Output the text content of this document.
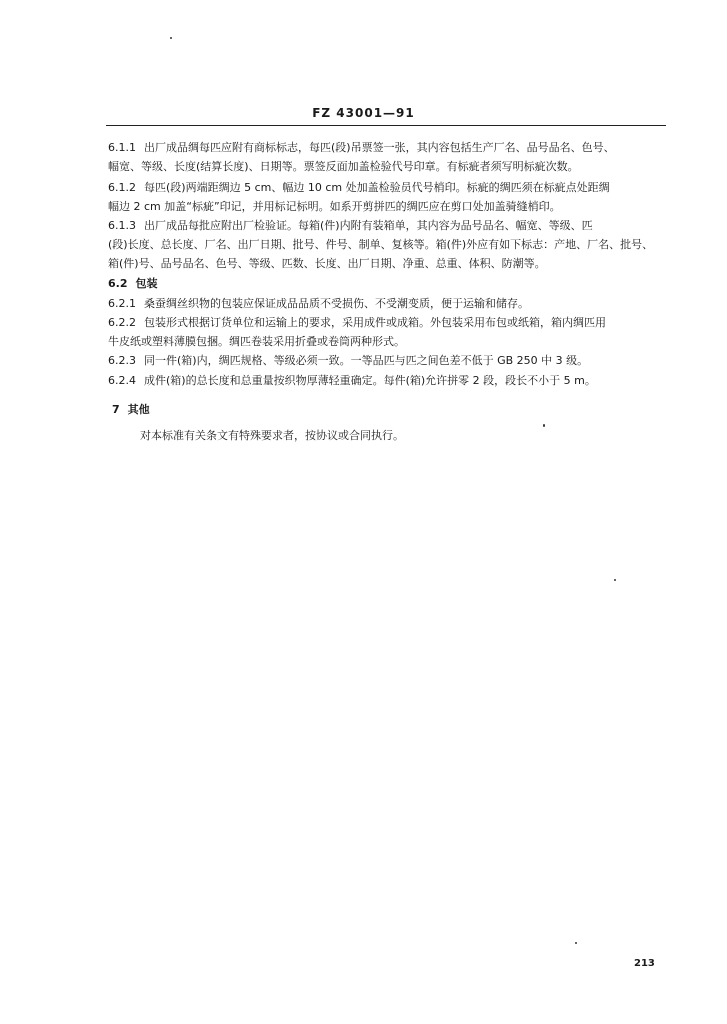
FZ 43001—91
6.1.1 出厂成品绸每匹应附有商标标志，每匹(段)吊票签一张，其内容包括生产厂名、品号品名、色号、
幅宽、等级、长度(结算长度)、日期等。票签反面加盖检验代号印章。有标疵者须写明标疵次数。
6.1.2 每匹(段)两端距绸边 5 cm、幅边 10 cm 处加盖检验员代号梢印。标疵的绸匹须在标疵点处距绸
幅边 2 cm 加盖“标疵”印记，并用标记标明。如系开剪拼匹的绸匹应在剪口处加盖骑缝梢印。
6.1.3 出厂成品每批应附出厂检验证。每箱(件)内附有装箱单，其内容为品号品名、幅宽、等级、匹
(段)长度、总长度、厂名、出厂日期、批号、件号、制单、复核等。箱(件)外应有如下标志：产地、厂名、批号、
箱(件)号、品号品名、色号、等级、匹数、长度、出厂日期、净重、总重、体积、防潮等。
6.2 包装
6.2.1 桑蚕绸丝织物的包装应保证成品品质不受损伤、不受潮变质，便于运输和储存。
6.2.2 包装形式根据订货单位和运输上的要求，采用成件或成箱。外包装采用布包或纸箱，箱内绸匹用
牛皮纸或塑料薄膜包捆。绸匹卷装采用折叠或卷筒两种形式。
6.2.3 同一件(箱)内，绸匹规格、等级必须一致。一等品匹与匹之间色差不低于 GB 250 中 3 级。
6.2.4 成件(箱)的总长度和总重量按织物厚薄轻重确定。每件(箱)允许拼零 2 段，段长不小于 5 m。
7 其他
对本标准有关条文有特殊要求者，按协议或合同执行。
213
